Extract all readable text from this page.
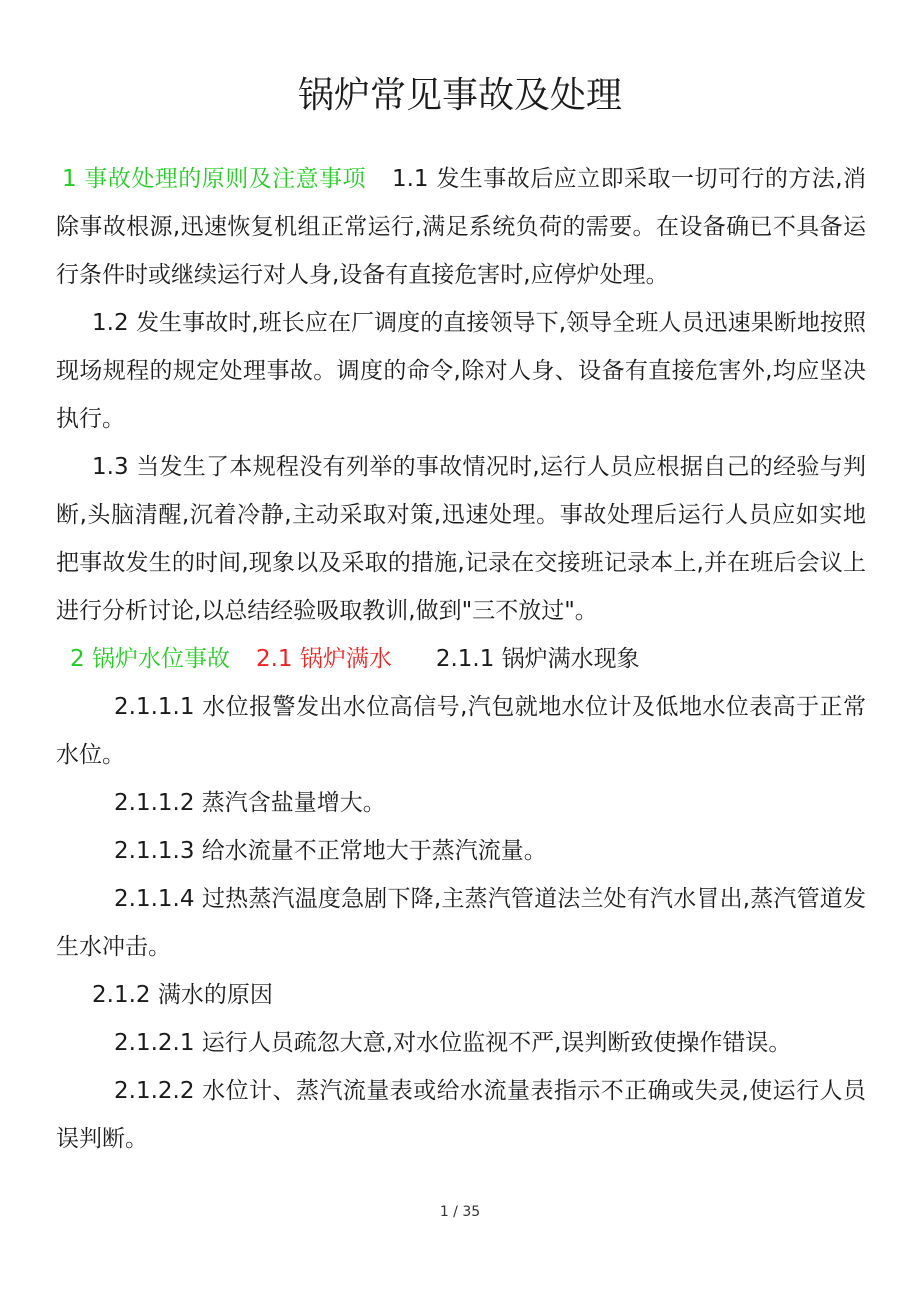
锅炉常见事故及处理

1 事故处理的原则及注意事项 1.1 发生事故后应立即采取一切可行的方法,消除事故根源,迅速恢复机组正常运行,满足系统负荷的需要。在设备确已不具备运行条件时或继续运行对人身,设备有直接危害时,应停炉处理。

1.2 发生事故时,班长应在厂调度的直接领导下,领导全班人员迅速果断地按照现场规程的规定处理事故。调度的命令,除对人身、设备有直接危害外,均应坚决执行。

1.3 当发生了本规程没有列举的事故情况时,运行人员应根据自己的经验与判断,头脑清醒,沉着冷静,主动采取对策,迅速处理。事故处理后运行人员应如实地把事故发生的时间,现象以及采取的措施,记录在交接班记录本上,并在班后会议上进行分析讨论,以总结经验吸取教训,做到"三不放过"。

2 锅炉水位事故 2.1 锅炉满水 2.1.1 锅炉满水现象

2.1.1.1 水位报警发出水位高信号,汽包就地水位计及低地水位表高于正常水位。

2.1.1.2 蒸汽含盐量增大。

2.1.1.3 给水流量不正常地大于蒸汽流量。

2.1.1.4 过热蒸汽温度急剧下降,主蒸汽管道法兰处有汽水冒出,蒸汽管道发生水冲击。

2.1.2 满水的原因

2.1.2.1 运行人员疏忽大意,对水位监视不严,误判断致使操作错误。

2.1.2.2 水位计、蒸汽流量表或给水流量表指示不正确或失灵,使运行人员误判断。

1 / 35
